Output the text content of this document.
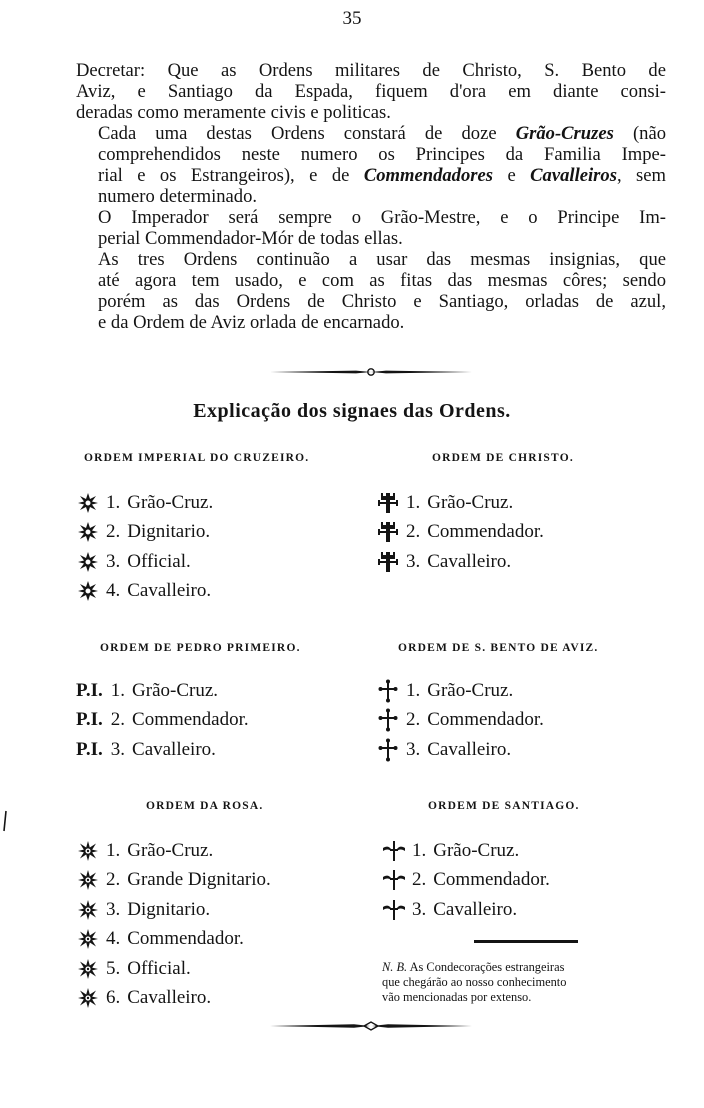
35

Decretar: Que as Ordens militares de Christo, S. Bento de
Aviz, e Santiago da Espada, fiquem d'ora em diante consi-
deradas como meramente civis e politicas.

Cada uma destas Ordens constará de doze Grão-Cruzes (não
comprehendidos neste numero os Principes da Familia Impe-
rial e os Estrangeiros), e de Commendadores e Cavalleiros, sem
numero determinado.

O Imperador será sempre o Grão-Mestre, e o Principe Im-
perial Commendador-Mór de todas ellas.

As tres Ordens continuão a usar das mesmas insignias, que
até agora tem usado, e com as fitas das mesmas côres; sendo
porém as das Ordens de Christo e Santiago, orladas de azul,
e da Ordem de Aviz orlada de encarnado.

Explicação dos signaes das Ordens.
ORDEM IMPERIAL DO CRUZEIRO.
1. Grão-Cruz.
2. Dignitario.
3. Official.
4. Cavalleiro.
ORDEM DE CHRISTO.
1. Grão-Cruz.
2. Commendador.
3. Cavalleiro.
ORDEM DE PEDRO PRIMEIRO.
P.I. 1. Grão-Cruz.
P.I. 2. Commendador.
P.I. 3. Cavalleiro.
ORDEM DE S. BENTO DE AVIZ.
1. Grão-Cruz.
2. Commendador.
3. Cavalleiro.
ORDEM DA ROSA.
1. Grão-Cruz.
2. Grande Dignitario.
3. Dignitario.
4. Commendador.
5. Official.
6. Cavalleiro.
ORDEM DE SANTIAGO.
1. Grão-Cruz.
2. Commendador.
3. Cavalleiro.
N. B. As Condecorações estrangeiras
que chegárão ao nosso conhecimento
vão mencionadas por extenso.
